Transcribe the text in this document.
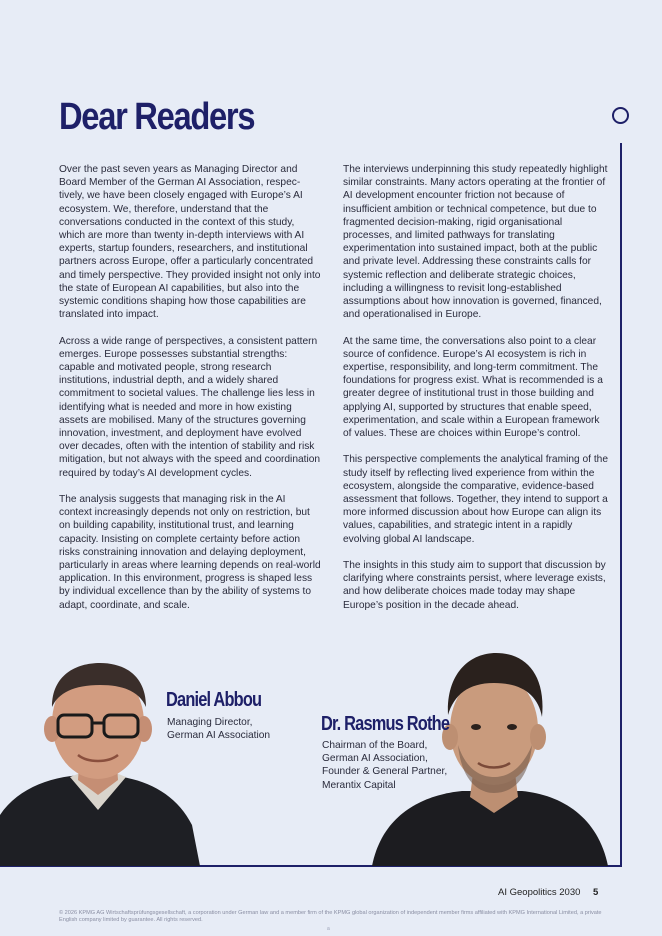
Dear Readers

Over the past seven years as Managing Director and Board Member of the German AI Association, respectively, we have been closely engaged with Europe’s AI ecosystem. We, therefore, understand that the conversations conducted in the context of this study, which are more than twenty in-depth interviews with AI experts, startup founders, researchers, and institutional partners across Europe, offer a particularly concentrated and timely perspective. They provided insight not only into the state of European AI capabilities, but also into the systemic conditions shaping how those capabilities are translated into impact.

Across a wide range of perspectives, a consistent pattern emerges. Europe possesses substantial strengths: capable and motivated people, strong research institutions, industrial depth, and a widely shared commitment to societal values. The challenge lies less in identifying what is needed and more in how existing assets are mobilised. Many of the structures governing innovation, investment, and deployment have evolved over decades, often with the intention of stability and risk mitigation, but not always with the speed and coordination required by today’s AI development cycles.

The analysis suggests that managing risk in the AI context increasingly depends not only on restriction, but on building capability, institutional trust, and learning capacity. Insisting on complete certainty before action risks constraining innovation and delaying deployment, particularly in areas where learning depends on real-world application. In this environment, progress is shaped less by individual excellence than by the ability of systems to adapt, coordinate, and scale.

The interviews underpinning this study repeatedly highlight similar constraints. Many actors operating at the frontier of AI development encounter friction not because of insufficient ambition or technical competence, but due to fragmented decision-making, rigid organisational processes, and limited pathways for translating experimentation into sustained impact, both at the public and private level. Addressing these constraints calls for systemic reflection and deliberate strategic choices, including a willingness to revisit long-established assumptions about how innovation is governed, financed, and operationalised in Europe.

At the same time, the conversations also point to a clear source of confidence. Europe’s AI ecosystem is rich in expertise, responsibility, and long-term commitment. The foundations for progress exist. What is recommended is a greater degree of institutional trust in those building and applying AI, supported by structures that enable speed, experimentation, and scale within a European framework of values. These are choices within Europe’s control.

This perspective complements the analytical framing of the study itself by reflecting lived experience from within the ecosystem, alongside the comparative, evidence-based assessment that follows. Together, they intend to support a more informed discussion about how Europe can align its values, capabilities, and strategic intent in a rapidly evolving global AI landscape.

The insights in this study aim to support that discussion by clarifying where constraints persist, where leverage exists, and how deliberate choices made today may shape Europe’s position in the decade ahead.

Daniel Abbou
Managing Director,
German AI Association
Dr. Rasmus Rothe
Chairman of the Board,
German AI Association,
Founder & General Partner,
Merantix Capital
AI Geopolitics 2030 5
© 2026 KPMG AG Wirtschaftsprüfungsgesellschaft, a corporation under German law and a member firm of the KPMG global organization of independent member firms affiliated with KPMG International Limited, a private English company limited by guarantee. All rights reserved.
a
